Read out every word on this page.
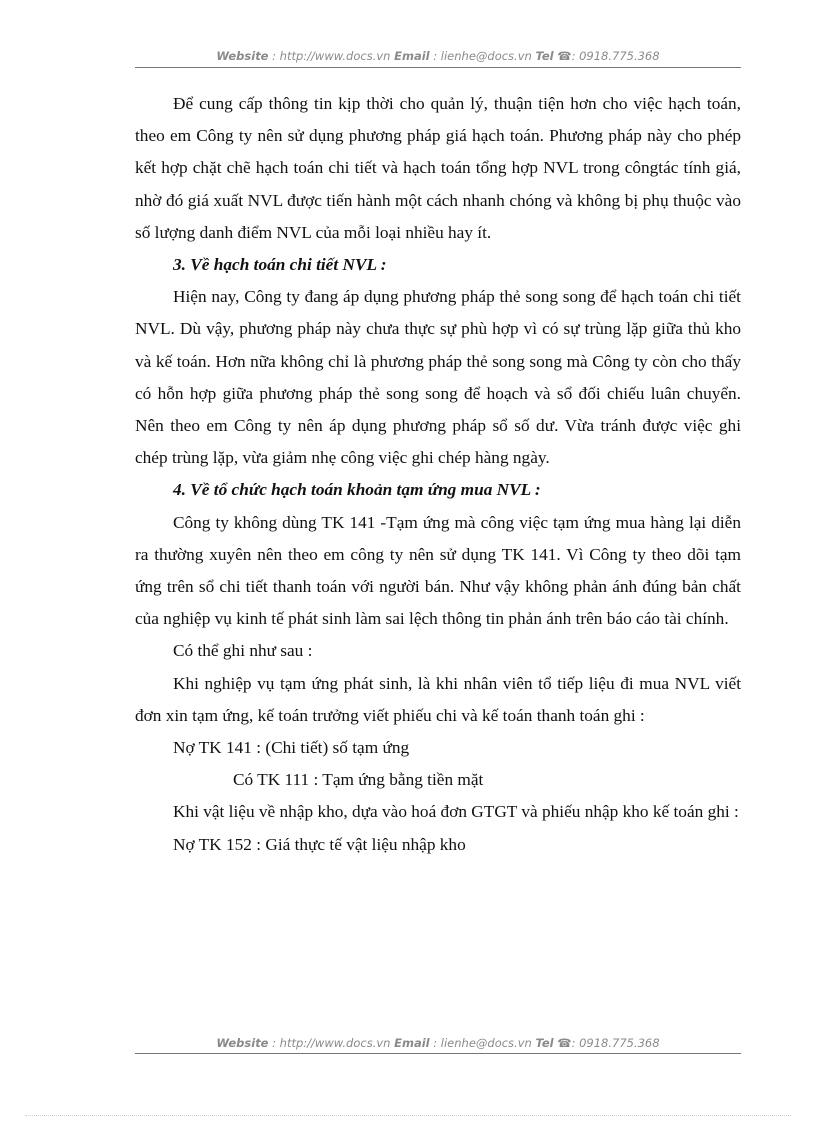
Website : http://www.docs.vn Email : lienhe@docs.vn Tel ☎: 0918.775.368

Để cung cấp thông tin kịp thời cho quản lý, thuận tiện hơn cho việc hạch toán, theo em Công ty nên sử dụng phương pháp giá hạch toán. Phương pháp này cho phép kết hợp chặt chẽ hạch toán chi tiết và hạch toán tổng hợp NVL trong côngtác tính giá, nhờ đó giá xuất NVL được tiến hành một cách nhanh chóng và không bị phụ thuộc vào số lượng danh điểm NVL của mỗi loại nhiều hay ít.

3. Về hạch toán chi tiết NVL :

Hiện nay, Công ty đang áp dụng phương pháp thẻ song song để hạch toán chi tiết NVL. Dù vậy, phương pháp này chưa thực sự phù hợp vì có sự trùng lặp giữa thủ kho và kế toán. Hơn nữa không chỉ là phương pháp thẻ song song mà Công ty còn cho thấy có hỗn hợp giữa phương pháp thẻ song song để hoạch và sổ đối chiếu luân chuyển. Nên theo em Công ty nên áp dụng phương pháp sổ số dư. Vừa tránh được việc ghi chép trùng lặp, vừa giảm nhẹ công việc ghi chép hàng ngày.

4. Về tổ chức hạch toán khoản tạm ứng mua NVL :

Công ty không dùng TK 141 -Tạm ứng mà công việc tạm ứng mua hàng lại diễn ra thường xuyên nên theo em công ty nên sử dụng TK 141. Vì Công ty theo dõi tạm ứng trên sổ chi tiết thanh toán với người bán. Như vậy không phản ánh đúng bản chất của nghiệp vụ kinh tế phát sinh làm sai lệch thông tin phản ánh trên báo cáo tài chính.

Có thể ghi như sau :

Khi nghiệp vụ tạm ứng phát sinh, là khi nhân viên tổ tiếp liệu đi mua NVL viết đơn xin tạm ứng, kế toán trưởng viết phiếu chi và kế toán thanh toán ghi :

Nợ TK 141 : (Chi tiết) số tạm ứng

Có TK 111 : Tạm ứng bằng tiền mặt

Khi vật liệu về nhập kho, dựa vào hoá đơn GTGT và phiếu nhập kho kế toán ghi :

Nợ TK 152 : Giá thực tế vật liệu nhập kho

Website : http://www.docs.vn Email : lienhe@docs.vn Tel ☎: 0918.775.368
